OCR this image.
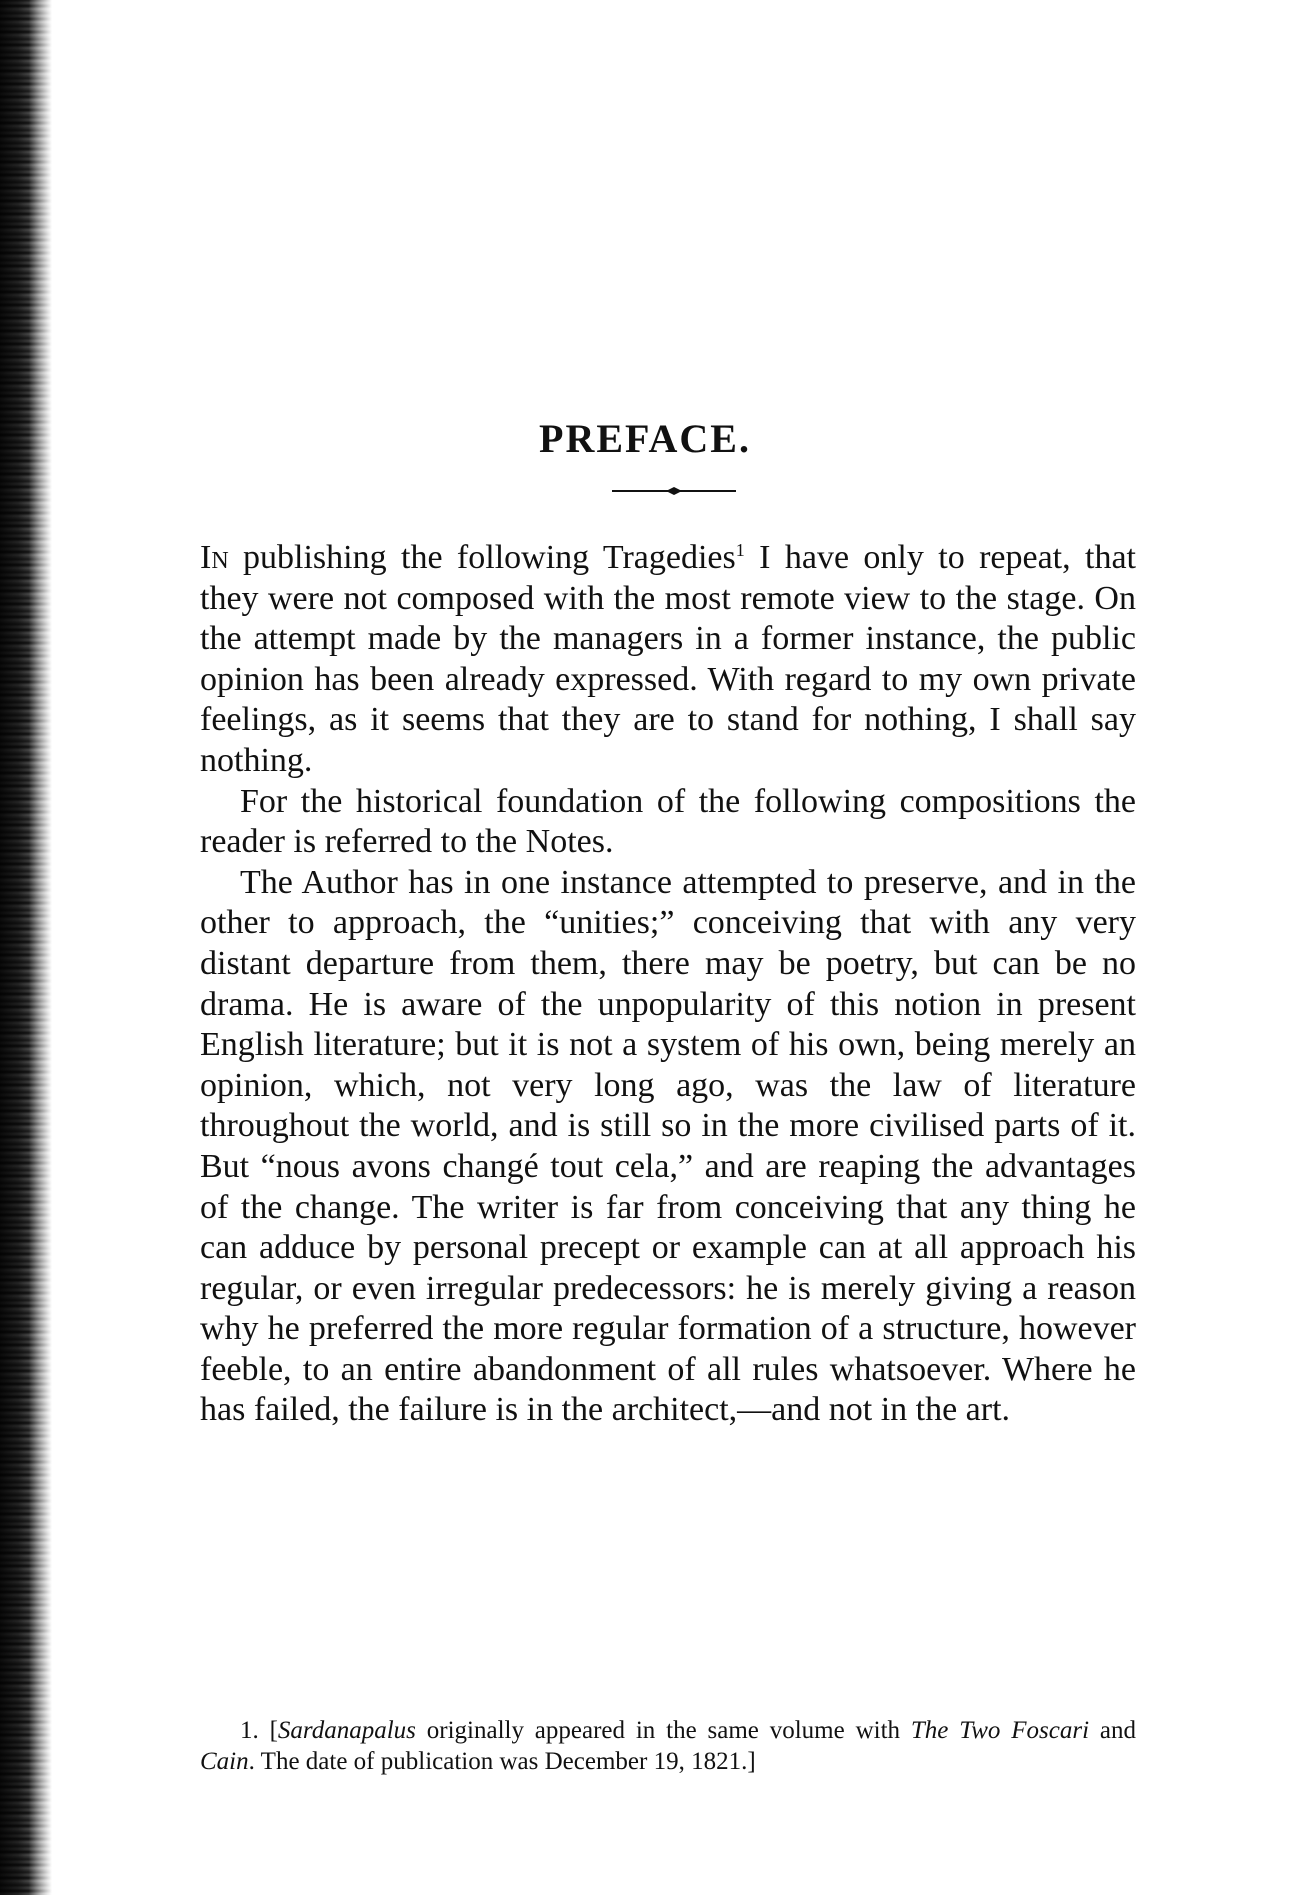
PREFACE.

In publishing the following Tragedies$^1$ I have only to repeat, that they were not composed with the most remote view to the stage. On the attempt made by the managers in a former instance, the public opinion has been already expressed. With regard to my own private feelings, as it seems that they are to stand for nothing, I shall say nothing.

For the historical foundation of the following compositions the reader is referred to the Notes.

The Author has in one instance attempted to preserve, and in the other to approach, the “unities;” conceiving that with any very distant departure from them, there may be poetry, but can be no drama. He is aware of the unpopularity of this notion in present English literature; but it is not a system of his own, being merely an opinion, which, not very long ago, was the law of literature throughout the world, and is still so in the more civilised parts of it. But “nous avons changé tout cela,” and are reaping the advantages of the change. The writer is far from conceiving that any thing he can adduce by personal precept or example can at all approach his regular, or even irregular predecessors: he is merely giving a reason why he preferred the more regular formation of a structure, however feeble, to an entire abandonment of all rules whatsoever. Where he has failed, the failure is in the architect,—and not in the art.

1. [Sardanapalus originally appeared in the same volume with The Two Foscari and Cain. The date of publication was December 19, 1821.]
